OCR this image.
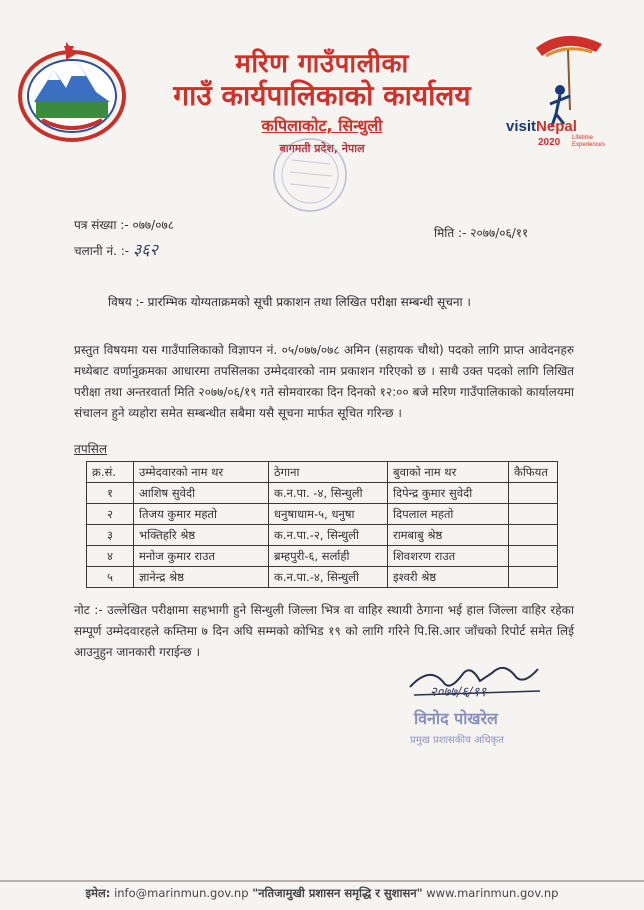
मरिण गाउँपालीका
गाउँ कार्यपालिकाको कार्यालय
कपिलाकोट, सिन्धुली
बागमती प्रदेश, नेपाल
visitNepal
2020 Lifetime
Experiences
पत्र संख्या :- ०७७/०७८
चलानी नं. :- ३६२
मिति :- २०७७/०६/११
विषय :- प्रारम्भिक योग्यताक्रमको सूची प्रकाशन तथा लिखित परीक्षा सम्बन्धी सूचना ।
प्रस्तुत विषयमा यस गाउँपालिकाको विज्ञापन नं. ०५/०७७/०७८ अमिन (सहायक चौथो) पदको लागि प्राप्त आवेदनहरु मध्येबाट वर्णानुक्रमका आधारमा तपसिलका उम्मेदवारको नाम प्रकाशन गरिएको छ । साथै उक्त पदको लागि लिखित परीक्षा तथा अन्तरवार्ता मिति २०७७/०६/१९ गते सोमवारका दिन दिनको १२:०० बजे मरिण गाउँपालिकाको कार्यालयमा संचालन हुने व्यहोरा समेत सम्बन्धीत सबैमा यसै सूचना मार्फत सूचित गरिन्छ ।
तपसिल
क्र.सं.	उम्मेदवारको नाम थर	ठेगाना	बुवाको नाम थर	कैफियत
१	आशिष सुवेदी	क.न.पा. -४, सिन्धुली	दिपेन्द्र कुमार सुवेदी	
२	तिजय कुमार महतो	धनुषाधाम-५, धनुषा	दिपलाल महतो	
३	भक्तिहरि श्रेष्ठ	क.न.पा.-२, सिन्धुली	रामबाबु श्रेष्ठ	
४	मनोज कुमार राउत	ब्रम्हपुरी-६, सर्लाही	शिवशरण राउत	
५	ज्ञानेन्द्र श्रेष्ठ	क.न.पा.-४, सिन्धुली	इश्वरी श्रेष्ठ	
नोट :- उल्लेखित परीक्षामा सहभागी हुने सिन्धुली जिल्ला भित्र वा वाहिर स्थायी ठेगाना भई हाल जिल्ला वाहिर रहेका सम्पूर्ण उम्मेदवारहले कम्तिमा ७ दिन अघि सम्मको कोभिड १९ को लागि गरिने पि.सि.आर जाँचको रिपोर्ट समेत लिई आउनुहुन जानकारी गराईन्छ ।
२०७७/६/११
विनोद पोखरेल
प्रमुख प्रशासकीय अधिकृत
इमेल: info@marinmun.gov.np "नतिजामुखी प्रशासन समृद्धि र सुशासन" www.marinmun.gov.np
